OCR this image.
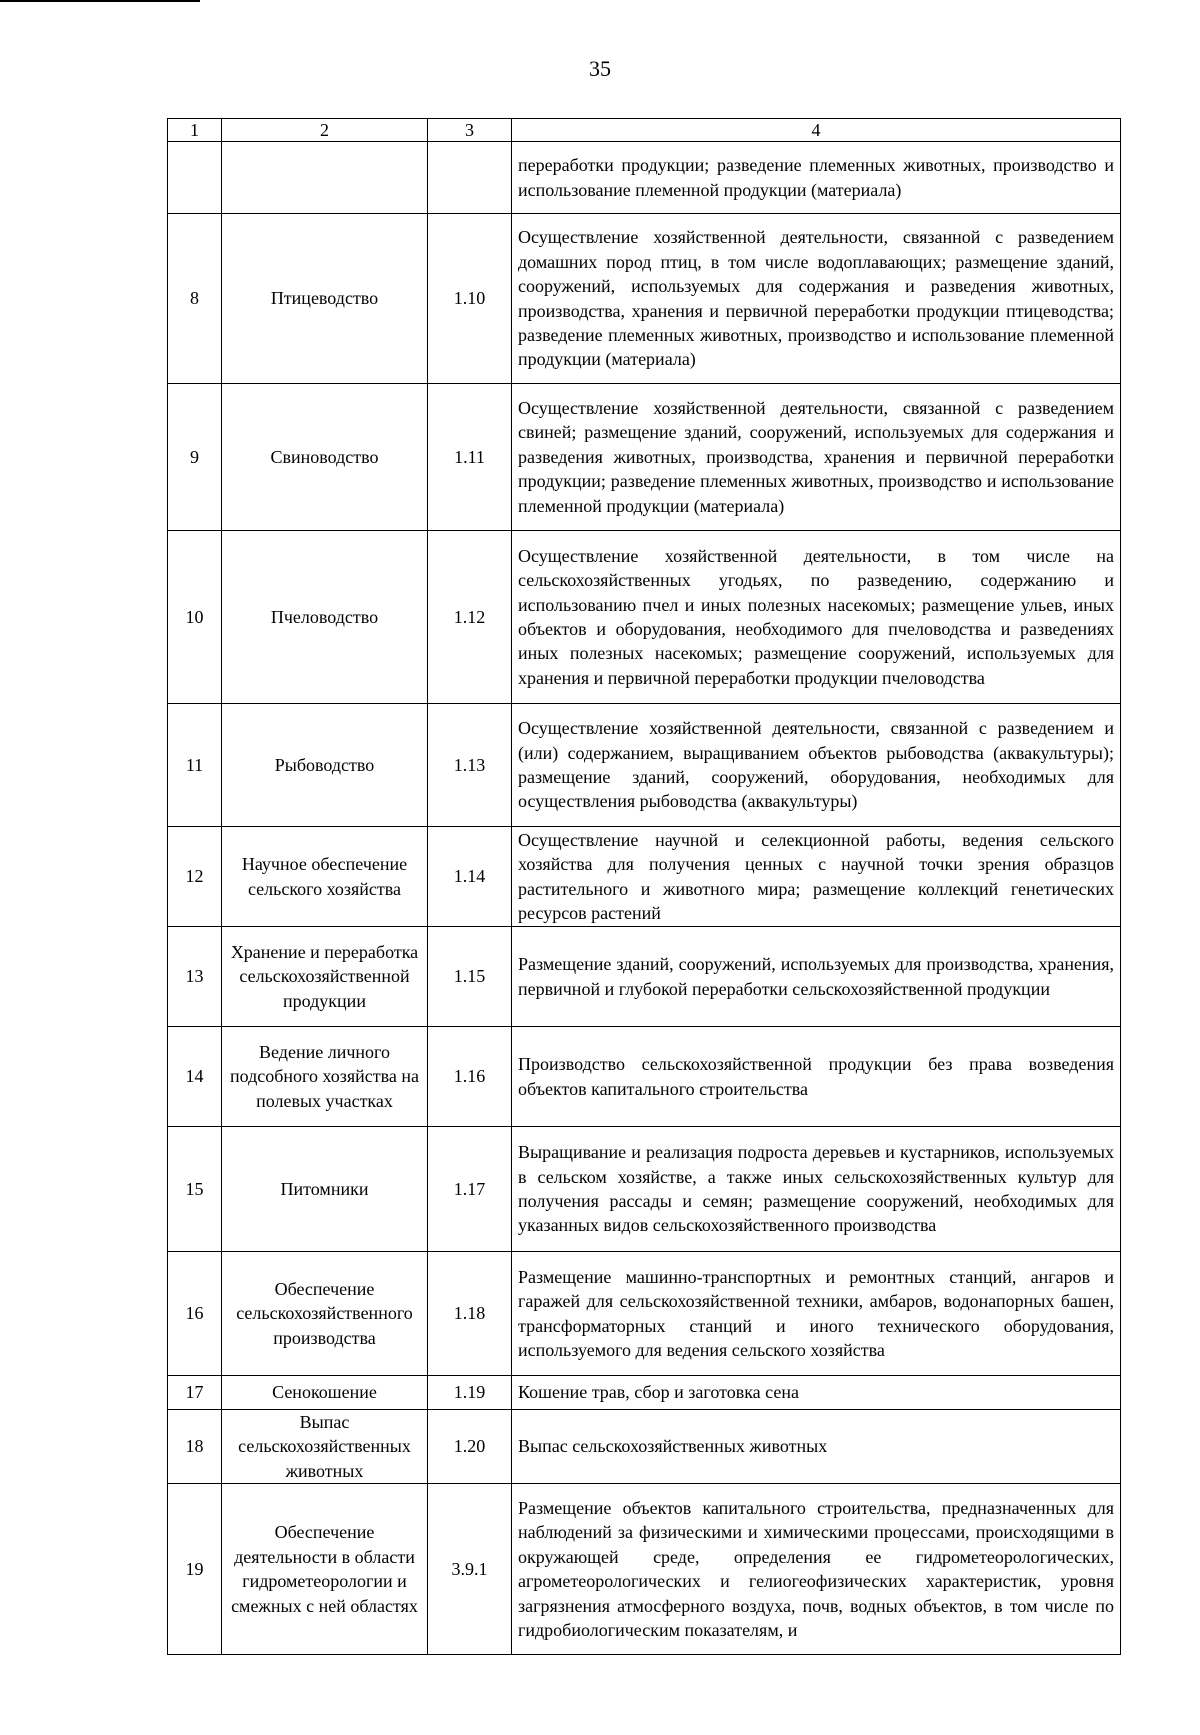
35
1	2	3	4
			переработки продукции; разведение племенных животных, производство и использование племенной продукции (материала)
8	Птицеводство	1.10	Осуществление хозяйственной деятельности, связанной с разведением домашних пород птиц, в том числе водоплавающих; размещение зданий, сооружений, используемых для содержания и разведения животных, производства, хранения и первичной переработки продукции птицеводства; разведение племенных животных, производство и использование племенной продукции (материала)
9	Свиноводство	1.11	Осуществление хозяйственной деятельности, связанной с разведением свиней; размещение зданий, сооружений, используемых для содержания и разведения животных, производства, хранения и первичной переработки продукции; разведение племенных животных, производство и использование племенной продукции (материала)
10	Пчеловодство	1.12	Осуществление хозяйственной деятельности, в том числе на сельскохозяйственных угодьях, по разведению, содержанию и использованию пчел и иных полезных насекомых; размещение ульев, иных объектов и оборудования, необходимого для пчеловодства и разведениях иных полезных насекомых; размещение сооружений, используемых для хранения и первичной переработки продукции пчеловодства
11	Рыбоводство	1.13	Осуществление хозяйственной деятельности, связанной с разведением и (или) содержанием, выращиванием объектов рыбоводства (аквакультуры); размещение зданий, сооружений, оборудования, необходимых для осуществления рыбоводства (аквакультуры)
12	Научное обеспечение сельского хозяйства	1.14	Осуществление научной и селекционной работы, ведения сельского хозяйства для получения ценных с научной точки зрения образцов растительного и животного мира; размещение коллекций генетических ресурсов растений
13	Хранение и переработка сельскохозяйственной продукции	1.15	Размещение зданий, сооружений, используемых для производства, хранения, первичной и глубокой переработки сельскохозяйственной продукции
14	Ведение личного подсобного хозяйства на полевых участках	1.16	Производство сельскохозяйственной продукции без права возведения объектов капитального строительства
15	Питомники	1.17	Выращивание и реализация подроста деревьев и кустарников, используемых в сельском хозяйстве, а также иных сельскохозяйственных культур для получения рассады и семян; размещение сооружений, необходимых для указанных видов сельскохозяйственного производства
16	Обеспечение сельскохозяйственного производства	1.18	Размещение машинно-транспортных и ремонтных станций, ангаров и гаражей для сельскохозяйственной техники, амбаров, водонапорных башен, трансформаторных станций и иного технического оборудования, используемого для ведения сельского хозяйства
17	Сенокошение	1.19	Кошение трав, сбор и заготовка сена
18	Выпас сельскохозяйственных животных	1.20	Выпас сельскохозяйственных животных
19	Обеспечение деятельности в области гидрометеорологии и смежных с ней областях	3.9.1	Размещение объектов капитального строительства, предназначенных для наблюдений за физическими и химическими процессами, происходящими в окружающей среде, определения ее гидрометеорологических, агрометеорологических и гелиогеофизических характеристик, уровня загрязнения атмосферного воздуха, почв, водных объектов, в том числе по гидробиологическим показателям, и
